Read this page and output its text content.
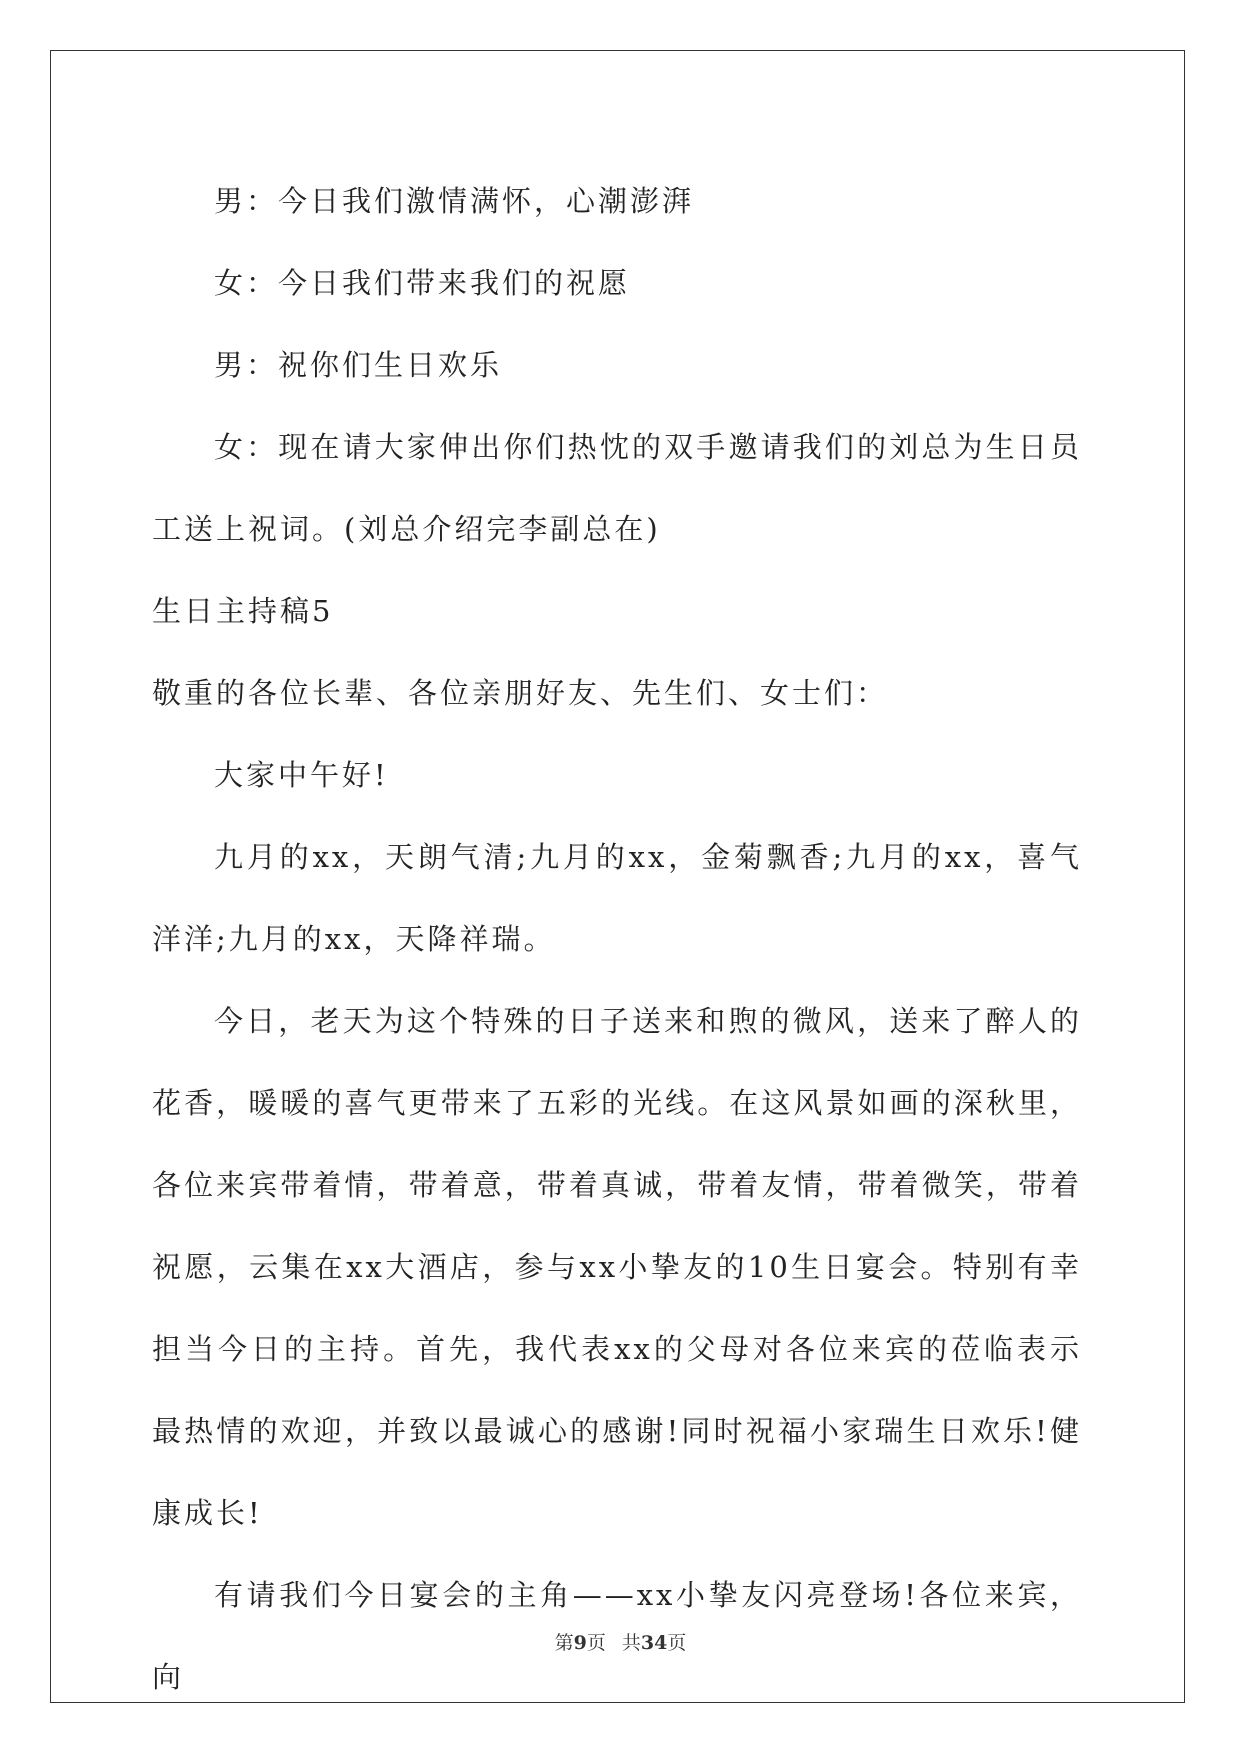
男：今日我们激情满怀，心潮澎湃

女：今日我们带来我们的祝愿

男：祝你们生日欢乐

女：现在请大家伸出你们热忱的双手邀请我们的刘总为生日员工送上祝词。(刘总介绍完李副总在)

生日主持稿5

敬重的各位长辈、各位亲朋好友、先生们、女士们：

大家中午好!

九月的xx，天朗气清;九月的xx，金菊飘香;九月的xx，喜气洋洋;九月的xx，天降祥瑞。

今日，老天为这个特殊的日子送来和煦的微风，送来了醉人的花香，暖暖的喜气更带来了五彩的光线。在这风景如画的深秋里，各位来宾带着情，带着意，带着真诚，带着友情，带着微笑，带着祝愿，云集在xx大酒店，参与xx小挚友的10生日宴会。特别有幸担当今日的主持。首先，我代表xx的父母对各位来宾的莅临表示最热情的欢迎，并致以最诚心的感谢!同时祝福小家瑞生日欢乐!健康成长!

有请我们今日宴会的主角——xx小挚友闪亮登场!各位来宾，向

第9页 共34页
